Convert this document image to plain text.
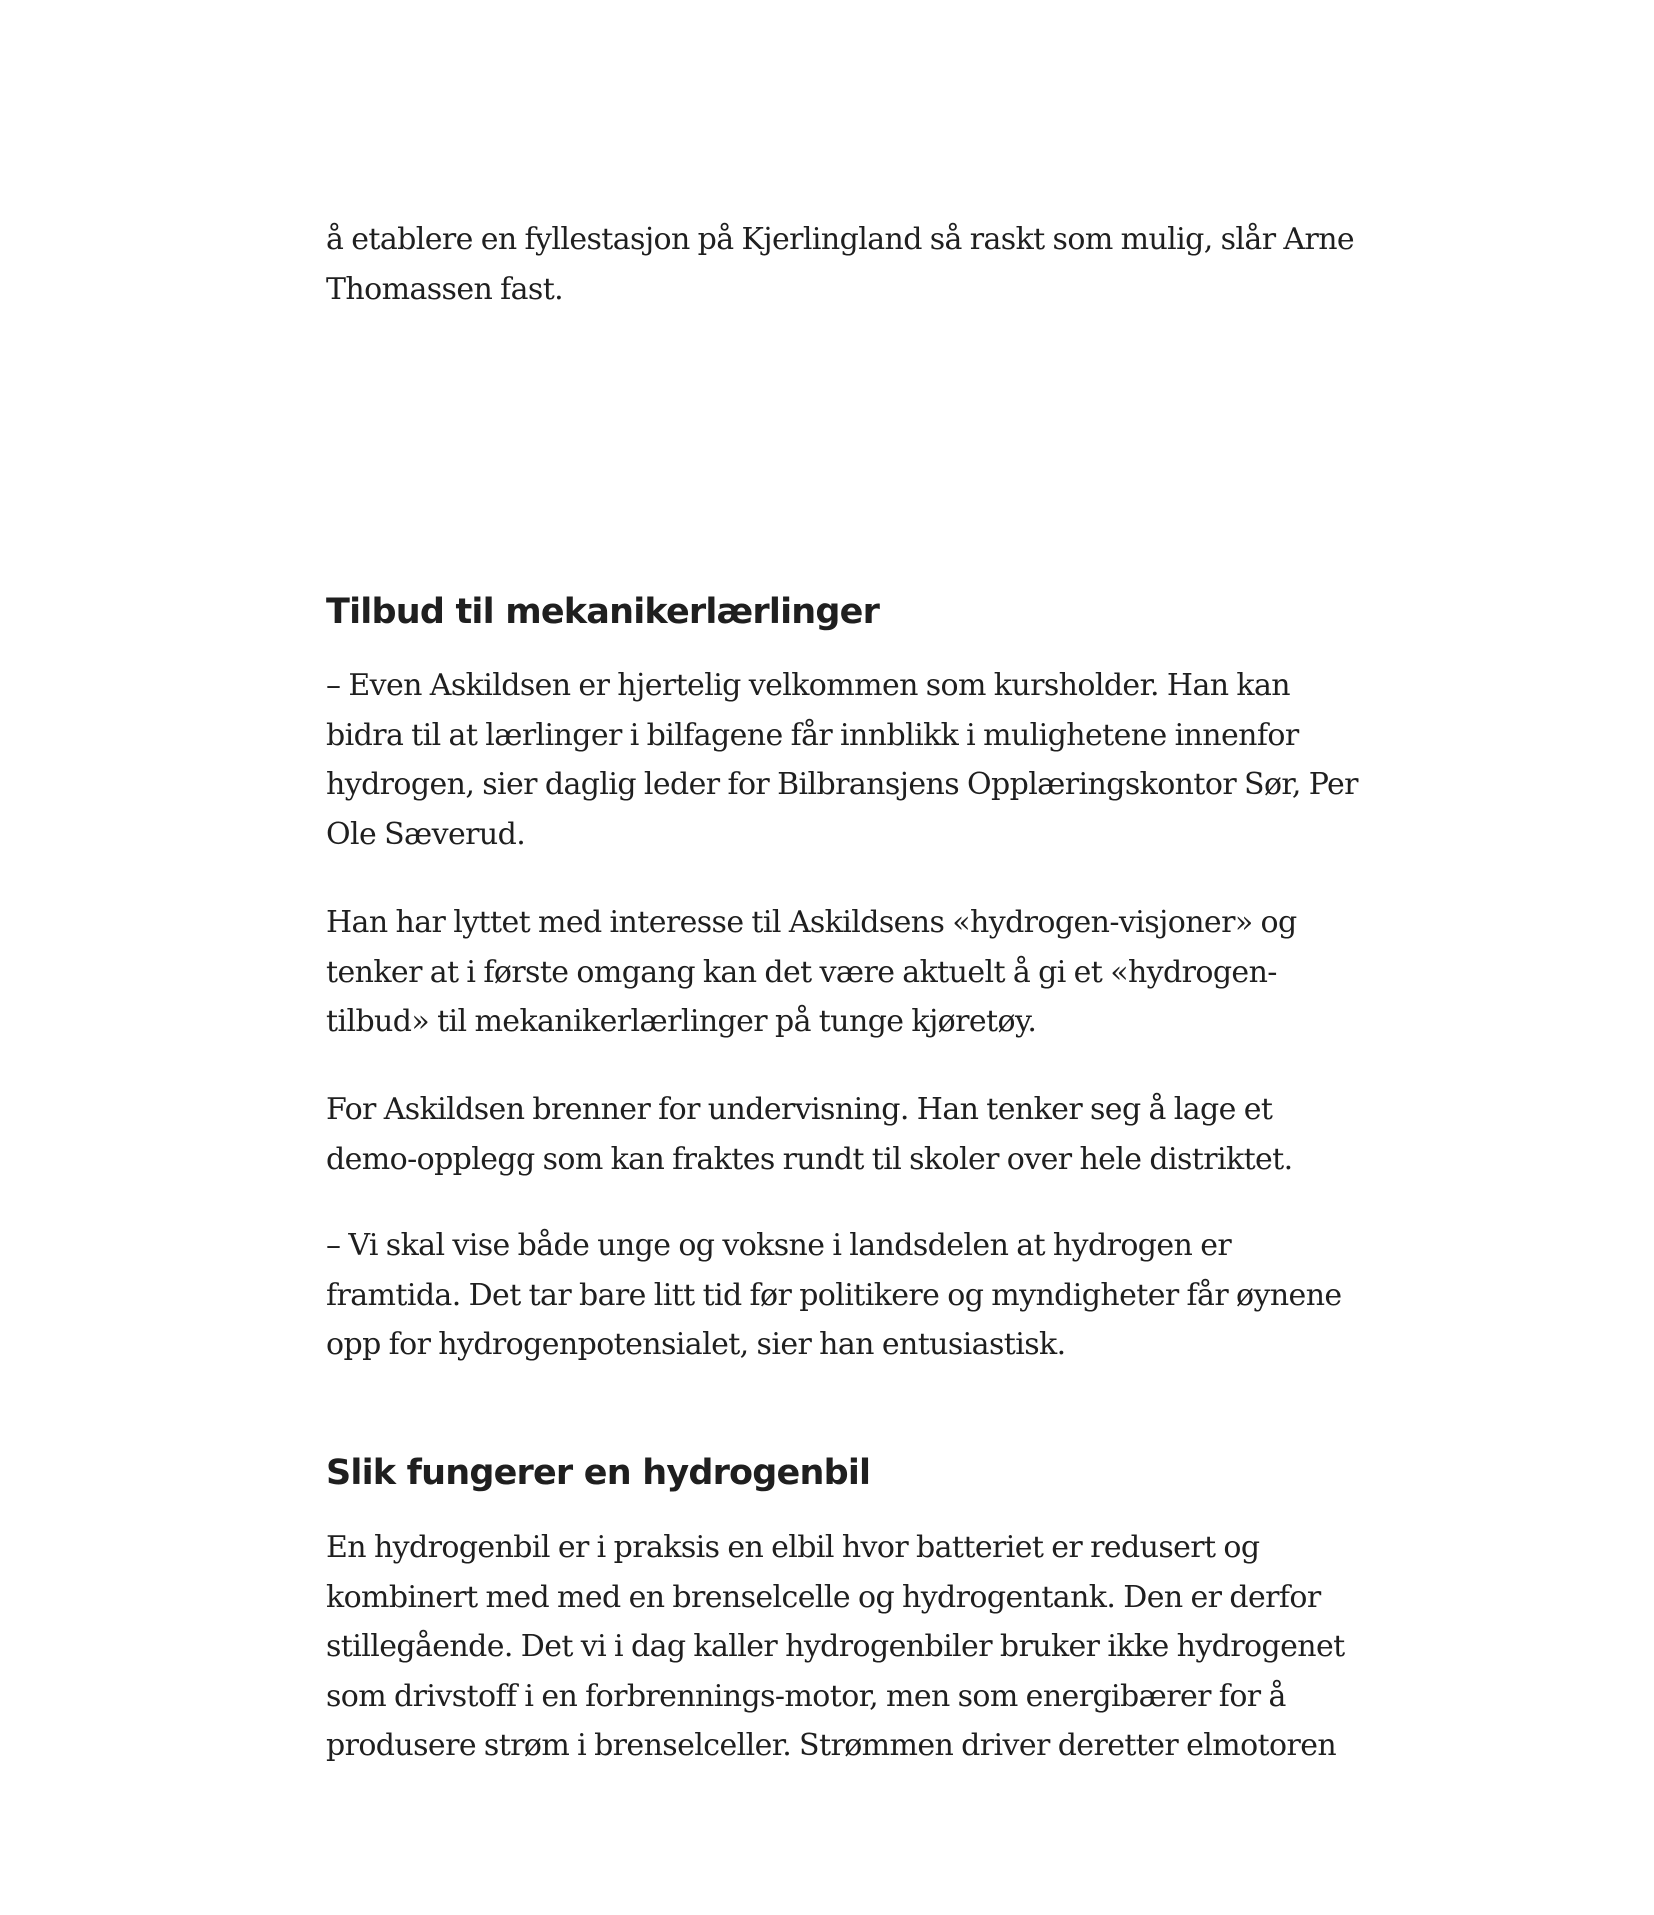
å etablere en fyllestasjon på Kjerlingland så raskt som mulig, slår Arne
Thomassen fast.

Tilbud til mekanikerlærlinger

– Even Askildsen er hjertelig velkommen som kursholder. Han kan
bidra til at lærlinger i bilfagene får innblikk i mulighetene innenfor
hydrogen, sier daglig leder for Bilbransjens Opplæringskontor Sør, Per
Ole Sæverud.

Han har lyttet med interesse til Askildsens «hydrogen-visjoner» og
tenker at i første omgang kan det være aktuelt å gi et «hydrogen-
tilbud» til mekanikerlærlinger på tunge kjøretøy.

For Askildsen brenner for undervisning. Han tenker seg å lage et
demo-opplegg som kan fraktes rundt til skoler over hele distriktet.

– Vi skal vise både unge og voksne i landsdelen at hydrogen er
framtida. Det tar bare litt tid før politikere og myndigheter får øynene
opp for hydrogenpotensialet, sier han entusiastisk.

Slik fungerer en hydrogenbil

En hydrogenbil er i praksis en elbil hvor batteriet er redusert og
kombinert med med en brenselcelle og hydrogentank. Den er derfor
stillegående. Det vi i dag kaller hydrogenbiler bruker ikke hydrogenet
som drivstoff i en forbrennings-motor, men som energibærer for å
produsere strøm i brenselceller. Strømmen driver deretter elmotoren
